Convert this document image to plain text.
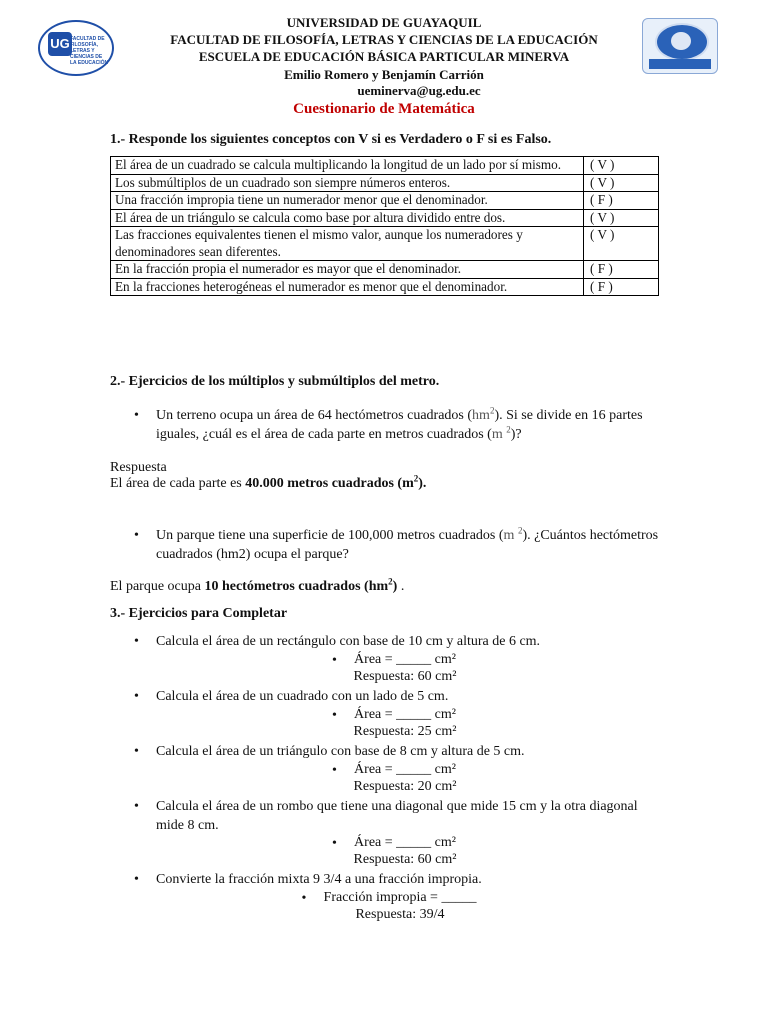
UG FACULTAD DE FILOSOFÍA, LETRAS Y CIENCIAS DE LA EDUCACIÓN
UNIVERSIDAD DE GUAYAQUIL
FACULTAD DE FILOSOFÍA, LETRAS Y CIENCIAS DE LA EDUCACIÓN
ESCUELA DE EDUCACIÓN BÁSICA PARTICULAR MINERVA
Emilio Romero y Benjamín Carrión
ueminerva@ug.edu.ec
Cuestionario de Matemática
1.- Responde los siguientes conceptos con V si es Verdadero o F si es Falso.
El área de un cuadrado se calcula multiplicando la longitud de un lado por sí mismo.	( V )
Los submúltiplos de un cuadrado son siempre números enteros.	( V )
Una fracción impropia tiene un numerador menor que el denominador.	( F )
El área de un triángulo se calcula como base por altura dividido entre dos.	( V )
Las fracciones equivalentes tienen el mismo valor, aunque los numeradores y denominadores sean diferentes.	( V )
En la fracción propia el numerador es mayor que el denominador.	( F )
En la fracciones heterogéneas el numerador es menor que el denominador.	( F )
2.- Ejercicios de los múltiplos y submúltiplos del metro.
• Un terreno ocupa un área de 64 hectómetros cuadrados $(hm^2)$. Si se divide en 16 partes iguales, ¿cuál es el área de cada parte en metros cuadrados (m $^2$)?
Respuesta
El área de cada parte es 40.000 metros cuadrados $(m^2)$.
• Un parque tiene una superficie de 100,000 metros cuadrados (m $^2$). ¿Cuántos hectómetros cuadrados (hm2) ocupa el parque?
El parque ocupa 10 hectómetros cuadrados $(hm^2)$ .
3.- Ejercicios para Completar
• Calcula el área de un rectángulo con base de 10 cm y altura de 6 cm.
Área = _____ cm²
Respuesta: 60 cm²
• Calcula el área de un cuadrado con un lado de 5 cm.
Área = _____ cm²
Respuesta: 25 cm²
• Calcula el área de un triángulo con base de 8 cm y altura de 5 cm.
Área = _____ cm²
Respuesta: 20 cm²
• Calcula el área de un rombo que tiene una diagonal que mide 15 cm y la otra diagonal mide 8 cm.
Área = _____ cm²
Respuesta: 60 cm²
• Convierte la fracción mixta 9 3/4 a una fracción impropia.
Fracción impropia = _____
Respuesta: 39/4
